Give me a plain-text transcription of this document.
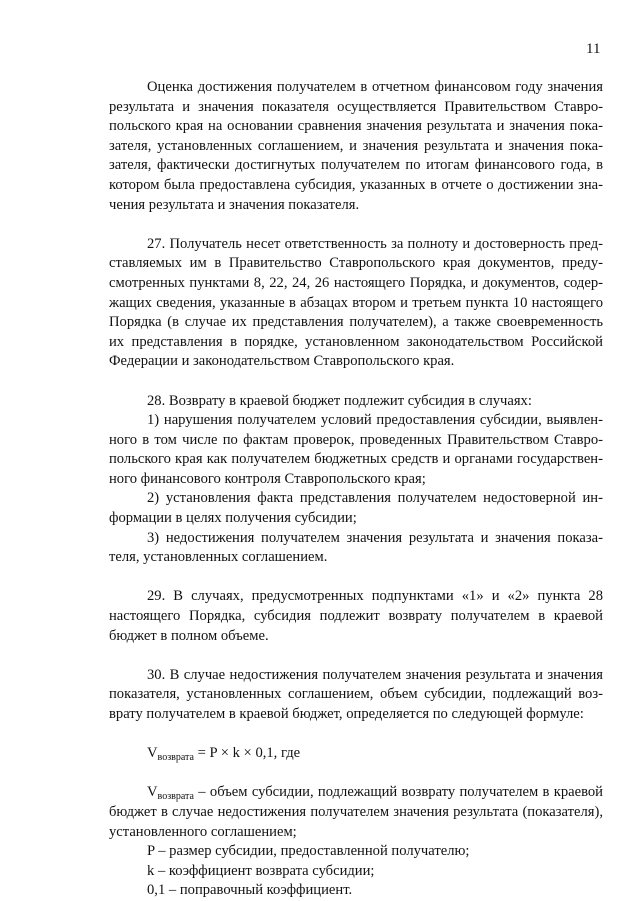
11

Оценка достижения получателем в отчетном финансовом году значения результата и значения показателя осуществляется Правительством Ставропольского края на основании сравнения значения результата и значения показателя, установленных соглашением, и значения результата и значения показателя, фактически достигнутых получателем по итогам финансового года, в котором была предоставлена субсидия, указанных в отчете о достижении значения результата и значения показателя.

27. Получатель несет ответственность за полноту и достоверность представляемых им в Правительство Ставропольского края документов, предусмотренных пунктами 8, 22, 24, 26 настоящего Порядка, и документов, содержащих сведения, указанные в абзацах втором и третьем пункта 10 настоящего Порядка (в случае их представления получателем), а также своевременность их представления в порядке, установленном законодательством Российской Федерации и законодательством Ставропольского края.

28. Возврату в краевой бюджет подлежит субсидия в случаях:

1) нарушения получателем условий предоставления субсидии, выявленного в том числе по фактам проверок, проведенных Правительством Ставропольского края как получателем бюджетных средств и органами государственного финансового контроля Ставропольского края;

2) установления факта представления получателем недостоверной информации в целях получения субсидии;

3) недостижения получателем значения результата и значения показателя, установленных соглашением.

29. В случаях, предусмотренных подпунктами «1» и «2» пункта 28 настоящего Порядка, субсидия подлежит возврату получателем в краевой бюджет в полном объеме.

30. В случае недостижения получателем значения результата и значения показателя, установленных соглашением, объем субсидии, подлежащий возврату получателем в краевой бюджет, определяется по следующей формуле:

$V_{возврата} = P \times k \times 0,1$, где

$V_{возврата}$ – объем субсидии, подлежащий возврату получателем в краевой бюджет в случае недостижения получателем значения результата (показателя), установленного соглашением;

P – размер субсидии, предоставленной получателю;

k – коэффициент возврата субсидии;

0,1 – поправочный коэффициент.
